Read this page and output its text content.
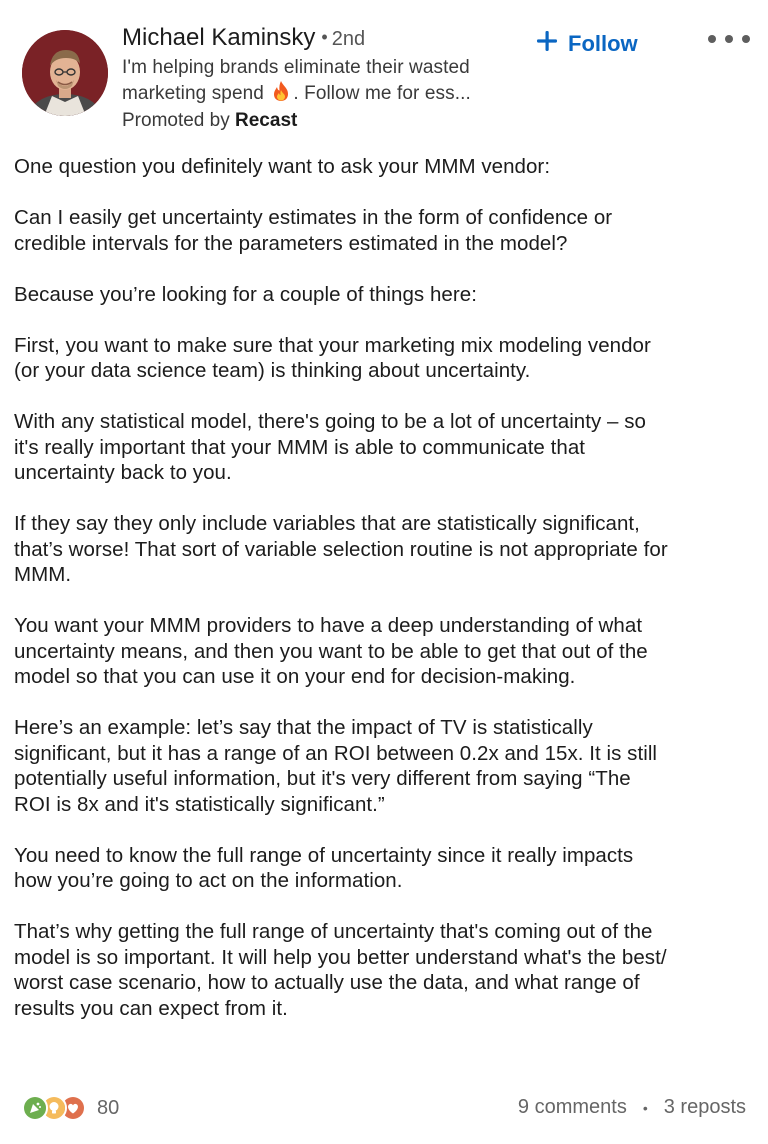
Michael Kaminsky • 2nd
I'm helping brands eliminate their wasted
marketing spend . Follow me for ess...
Promoted by Recast
Follow
One question you definitely want to ask your MMM vendor:
Can I easily get uncertainty estimates in the form of confidence or
credible intervals for the parameters estimated in the model?
Because you’re looking for a couple of things here:
First, you want to make sure that your marketing mix modeling vendor
(or your data science team) is thinking about uncertainty.
With any statistical model, there's going to be a lot of uncertainty – so
it's really important that your MMM is able to communicate that
uncertainty back to you.
If they say they only include variables that are statistically significant,
that’s worse! That sort of variable selection routine is not appropriate for
MMM.
You want your MMM providers to have a deep understanding of what
uncertainty means, and then you want to be able to get that out of the
model so that you can use it on your end for decision-making.
Here’s an example: let’s say that the impact of TV is statistically
significant, but it has a range of an ROI between 0.2x and 15x. It is still
potentially useful information, but it's very different from saying “The
ROI is 8x and it's statistically significant.”
You need to know the full range of uncertainty since it really impacts
how you’re going to act on the information.
That’s why getting the full range of uncertainty that's coming out of the
model is so important. It will help you better understand what's the best/
worst case scenario, how to actually use the data, and what range of
results you can expect from it.
80	9 comments • 3 reposts
